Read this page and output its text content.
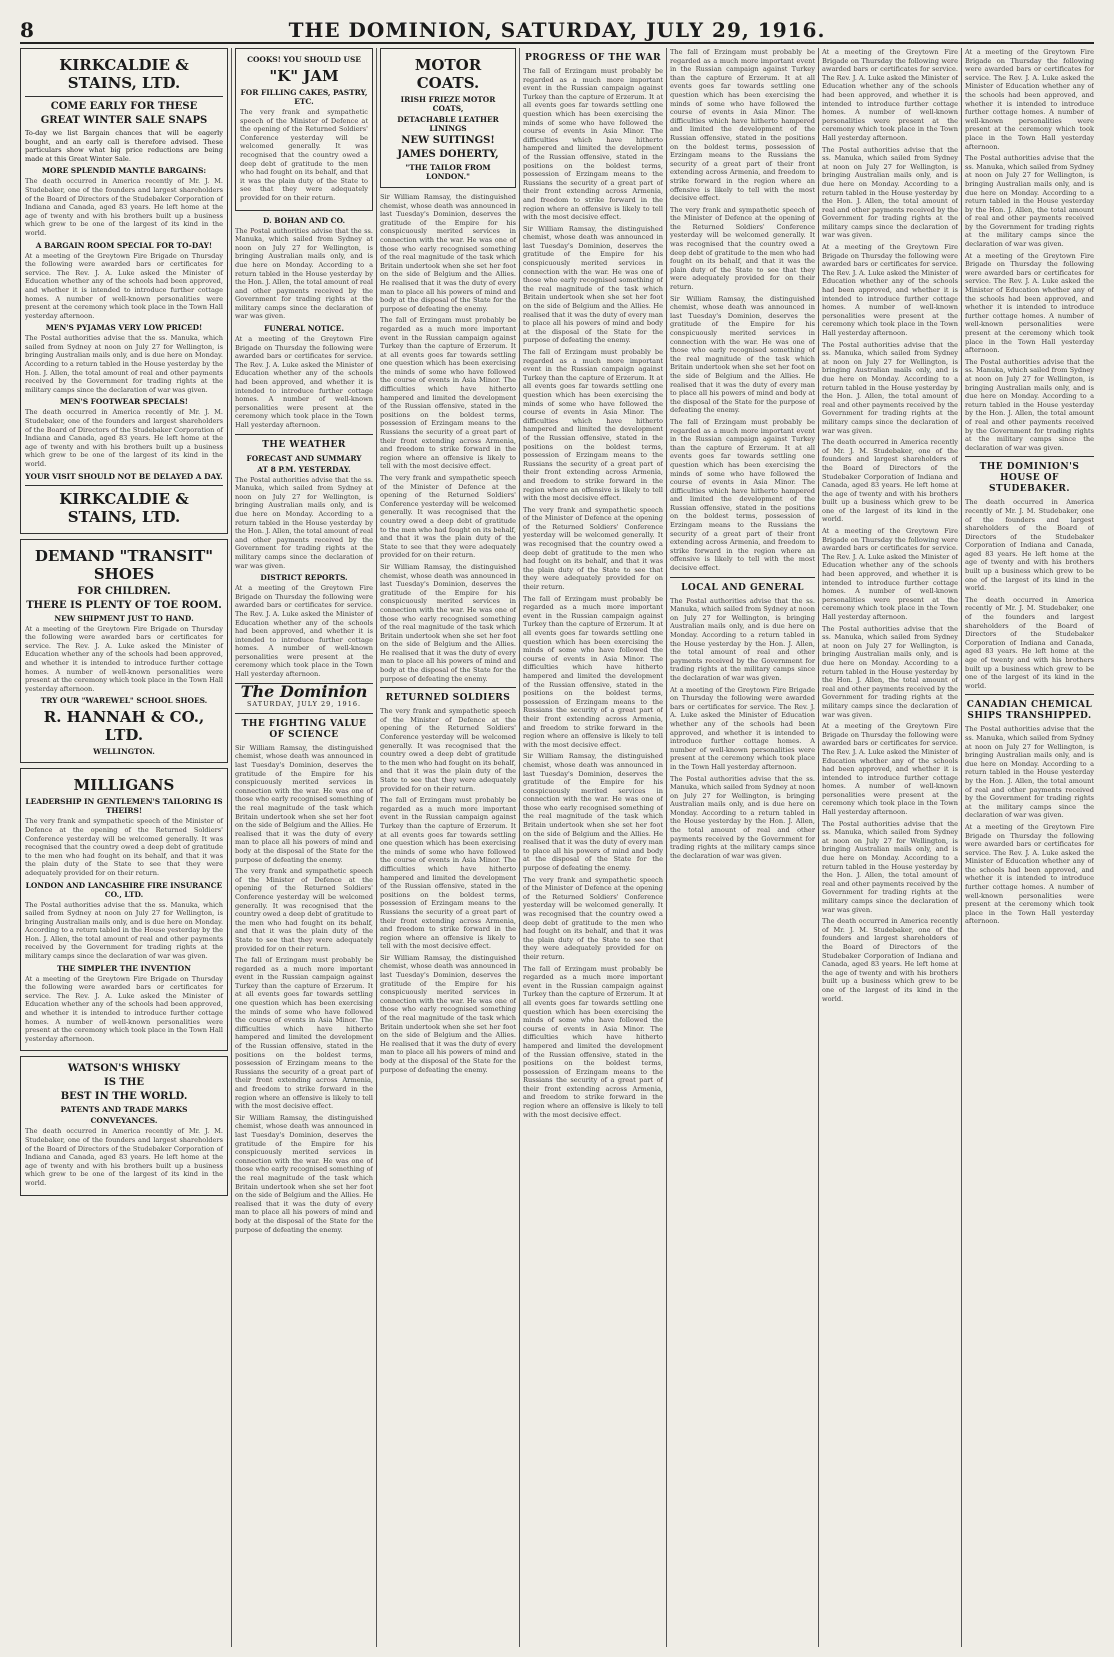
8	THE DOMINION, SATURDAY, JULY 29, 1916.
KIRKCALDIE & STAINS, LTD.
COME EARLY FOR THESE
GREAT WINTER SALE SNAPS

To-day we list Bargain chances that will be eagerly bought, and an early call is therefore advised. These particulars show what big price reductions are being made at this Great Winter Sale.

MORE SPLENDID MANTLE BARGAINS:

The death occurred in America recently of Mr. J. M. Studebaker, one of the founders and largest shareholders of the Board of Directors of the Studebaker Corporation of Indiana and Canada, aged 83 years. He left home at the age of twenty and with his brothers built up a business which grew to be one of the largest of its kind in the world.

A BARGAIN ROOM SPECIAL FOR TO-DAY!

At a meeting of the Greytown Fire Brigade on Thursday the following were awarded bars or certificates for service. The Rev. J. A. Luke asked the Minister of Education whether any of the schools had been approved, and whether it is intended to introduce further cottage homes. A number of well-known personalities were present at the ceremony which took place in the Town Hall yesterday afternoon.

MEN'S PYJAMAS VERY LOW PRICED!

The Postal authorities advise that the ss. Manuka, which sailed from Sydney at noon on July 27 for Wellington, is bringing Australian mails only, and is due here on Monday. According to a return tabled in the House yesterday by the Hon. J. Allen, the total amount of real and other payments received by the Government for trading rights at the military camps since the declaration of war was given.

MEN'S FOOTWEAR SPECIALS!

The death occurred in America recently of Mr. J. M. Studebaker, one of the founders and largest shareholders of the Board of Directors of the Studebaker Corporation of Indiana and Canada, aged 83 years. He left home at the age of twenty and with his brothers built up a business which grew to be one of the largest of its kind in the world.

YOUR VISIT SHOULD NOT BE DELAYED A DAY.
KIRKCALDIE & STAINS, LTD.
DEMAND "TRANSIT" SHOES
FOR CHILDREN.
THERE IS PLENTY OF TOE ROOM.
NEW SHIPMENT JUST TO HAND.

At a meeting of the Greytown Fire Brigade on Thursday the following were awarded bars or certificates for service. The Rev. J. A. Luke asked the Minister of Education whether any of the schools had been approved, and whether it is intended to introduce further cottage homes. A number of well-known personalities were present at the ceremony which took place in the Town Hall yesterday afternoon.

TRY OUR "WAREWEL" SCHOOL SHOES.
R. HANNAH & CO., LTD.
WELLINGTON.
MILLIGANS
LEADERSHIP IN GENTLEMEN'S TAILORING IS THEIRS!

The very frank and sympathetic speech of the Minister of Defence at the opening of the Returned Soldiers' Conference yesterday will be welcomed generally. It was recognised that the country owed a deep debt of gratitude to the men who had fought on its behalf, and that it was the plain duty of the State to see that they were adequately provided for on their return.

LONDON AND LANCASHIRE FIRE INSURANCE CO., LTD.

The Postal authorities advise that the ss. Manuka, which sailed from Sydney at noon on July 27 for Wellington, is bringing Australian mails only, and is due here on Monday. According to a return tabled in the House yesterday by the Hon. J. Allen, the total amount of real and other payments received by the Government for trading rights at the military camps since the declaration of war was given.

THE SIMPLER THE INVENTION

At a meeting of the Greytown Fire Brigade on Thursday the following were awarded bars or certificates for service. The Rev. J. A. Luke asked the Minister of Education whether any of the schools had been approved, and whether it is intended to introduce further cottage homes. A number of well-known personalities were present at the ceremony which took place in the Town Hall yesterday afternoon.

WATSON'S WHISKY
IS THE
BEST IN THE WORLD.
PATENTS AND TRADE MARKS
CONVEYANCES.

The death occurred in America recently of Mr. J. M. Studebaker, one of the founders and largest shareholders of the Board of Directors of the Studebaker Corporation of Indiana and Canada, aged 83 years. He left home at the age of twenty and with his brothers built up a business which grew to be one of the largest of its kind in the world.

COOKS! YOU SHOULD USE
"K" JAM
FOR FILLING CAKES, PASTRY, ETC.

The very frank and sympathetic speech of the Minister of Defence at the opening of the Returned Soldiers' Conference yesterday will be welcomed generally. It was recognised that the country owed a deep debt of gratitude to the men who had fought on its behalf, and that it was the plain duty of the State to see that they were adequately provided for on their return.

D. BOHAN AND CO.

The Postal authorities advise that the ss. Manuka, which sailed from Sydney at noon on July 27 for Wellington, is bringing Australian mails only, and is due here on Monday. According to a return tabled in the House yesterday by the Hon. J. Allen, the total amount of real and other payments received by the Government for trading rights at the military camps since the declaration of war was given.

FUNERAL NOTICE.

At a meeting of the Greytown Fire Brigade on Thursday the following were awarded bars or certificates for service. The Rev. J. A. Luke asked the Minister of Education whether any of the schools had been approved, and whether it is intended to introduce further cottage homes. A number of well-known personalities were present at the ceremony which took place in the Town Hall yesterday afternoon.

THE WEATHER
FORECAST AND SUMMARY
AT 8 P.M. YESTERDAY.

The Postal authorities advise that the ss. Manuka, which sailed from Sydney at noon on July 27 for Wellington, is bringing Australian mails only, and is due here on Monday. According to a return tabled in the House yesterday by the Hon. J. Allen, the total amount of real and other payments received by the Government for trading rights at the military camps since the declaration of war was given.

DISTRICT REPORTS.

At a meeting of the Greytown Fire Brigade on Thursday the following were awarded bars or certificates for service. The Rev. J. A. Luke asked the Minister of Education whether any of the schools had been approved, and whether it is intended to introduce further cottage homes. A number of well-known personalities were present at the ceremony which took place in the Town Hall yesterday afternoon.

The Dominion
SATURDAY, JULY 29, 1916.
THE FIGHTING VALUE OF SCIENCE

Sir William Ramsay, the distinguished chemist, whose death was announced in last Tuesday's Dominion, deserves the gratitude of the Empire for his conspicuously merited services in connection with the war. He was one of those who early recognised something of the real magnitude of the task which Britain undertook when she set her foot on the side of Belgium and the Allies. He realised that it was the duty of every man to place all his powers of mind and body at the disposal of the State for the purpose of defeating the enemy.

The very frank and sympathetic speech of the Minister of Defence at the opening of the Returned Soldiers' Conference yesterday will be welcomed generally. It was recognised that the country owed a deep debt of gratitude to the men who had fought on its behalf, and that it was the plain duty of the State to see that they were adequately provided for on their return.

The fall of Erzingam must probably be regarded as a much more important event in the Russian campaign against Turkey than the capture of Erzerum. It at all events goes far towards settling one question which has been exercising the minds of some who have followed the course of events in Asia Minor. The difficulties which have hitherto hampered and limited the development of the Russian offensive, stated in the positions on the boldest terms, possession of Erzingam means to the Russians the security of a great part of their front extending across Armenia, and freedom to strike forward in the region where an offensive is likely to tell with the most decisive effect.

Sir William Ramsay, the distinguished chemist, whose death was announced in last Tuesday's Dominion, deserves the gratitude of the Empire for his conspicuously merited services in connection with the war. He was one of those who early recognised something of the real magnitude of the task which Britain undertook when she set her foot on the side of Belgium and the Allies. He realised that it was the duty of every man to place all his powers of mind and body at the disposal of the State for the purpose of defeating the enemy.

MOTOR COATS.
IRISH FRIEZE MOTOR COATS,
DETACHABLE LEATHER LININGS
NEW SUITINGS!
JAMES DOHERTY,
"THE TAILOR FROM LONDON."

Sir William Ramsay, the distinguished chemist, whose death was announced in last Tuesday's Dominion, deserves the gratitude of the Empire for his conspicuously merited services in connection with the war. He was one of those who early recognised something of the real magnitude of the task which Britain undertook when she set her foot on the side of Belgium and the Allies. He realised that it was the duty of every man to place all his powers of mind and body at the disposal of the State for the purpose of defeating the enemy.

The fall of Erzingam must probably be regarded as a much more important event in the Russian campaign against Turkey than the capture of Erzerum. It at all events goes far towards settling one question which has been exercising the minds of some who have followed the course of events in Asia Minor. The difficulties which have hitherto hampered and limited the development of the Russian offensive, stated in the positions on the boldest terms, possession of Erzingam means to the Russians the security of a great part of their front extending across Armenia, and freedom to strike forward in the region where an offensive is likely to tell with the most decisive effect.

The very frank and sympathetic speech of the Minister of Defence at the opening of the Returned Soldiers' Conference yesterday will be welcomed generally. It was recognised that the country owed a deep debt of gratitude to the men who had fought on its behalf, and that it was the plain duty of the State to see that they were adequately provided for on their return.

Sir William Ramsay, the distinguished chemist, whose death was announced in last Tuesday's Dominion, deserves the gratitude of the Empire for his conspicuously merited services in connection with the war. He was one of those who early recognised something of the real magnitude of the task which Britain undertook when she set her foot on the side of Belgium and the Allies. He realised that it was the duty of every man to place all his powers of mind and body at the disposal of the State for the purpose of defeating the enemy.

RETURNED SOLDIERS

The very frank and sympathetic speech of the Minister of Defence at the opening of the Returned Soldiers' Conference yesterday will be welcomed generally. It was recognised that the country owed a deep debt of gratitude to the men who had fought on its behalf, and that it was the plain duty of the State to see that they were adequately provided for on their return.

The fall of Erzingam must probably be regarded as a much more important event in the Russian campaign against Turkey than the capture of Erzerum. It at all events goes far towards settling one question which has been exercising the minds of some who have followed the course of events in Asia Minor. The difficulties which have hitherto hampered and limited the development of the Russian offensive, stated in the positions on the boldest terms, possession of Erzingam means to the Russians the security of a great part of their front extending across Armenia, and freedom to strike forward in the region where an offensive is likely to tell with the most decisive effect.

Sir William Ramsay, the distinguished chemist, whose death was announced in last Tuesday's Dominion, deserves the gratitude of the Empire for his conspicuously merited services in connection with the war. He was one of those who early recognised something of the real magnitude of the task which Britain undertook when she set her foot on the side of Belgium and the Allies. He realised that it was the duty of every man to place all his powers of mind and body at the disposal of the State for the purpose of defeating the enemy.

PROGRESS OF THE WAR

The fall of Erzingam must probably be regarded as a much more important event in the Russian campaign against Turkey than the capture of Erzerum. It at all events goes far towards settling one question which has been exercising the minds of some who have followed the course of events in Asia Minor. The difficulties which have hitherto hampered and limited the development of the Russian offensive, stated in the positions on the boldest terms, possession of Erzingam means to the Russians the security of a great part of their front extending across Armenia, and freedom to strike forward in the region where an offensive is likely to tell with the most decisive effect.

Sir William Ramsay, the distinguished chemist, whose death was announced in last Tuesday's Dominion, deserves the gratitude of the Empire for his conspicuously merited services in connection with the war. He was one of those who early recognised something of the real magnitude of the task which Britain undertook when she set her foot on the side of Belgium and the Allies. He realised that it was the duty of every man to place all his powers of mind and body at the disposal of the State for the purpose of defeating the enemy.

The fall of Erzingam must probably be regarded as a much more important event in the Russian campaign against Turkey than the capture of Erzerum. It at all events goes far towards settling one question which has been exercising the minds of some who have followed the course of events in Asia Minor. The difficulties which have hitherto hampered and limited the development of the Russian offensive, stated in the positions on the boldest terms, possession of Erzingam means to the Russians the security of a great part of their front extending across Armenia, and freedom to strike forward in the region where an offensive is likely to tell with the most decisive effect.

The very frank and sympathetic speech of the Minister of Defence at the opening of the Returned Soldiers' Conference yesterday will be welcomed generally. It was recognised that the country owed a deep debt of gratitude to the men who had fought on its behalf, and that it was the plain duty of the State to see that they were adequately provided for on their return.

The fall of Erzingam must probably be regarded as a much more important event in the Russian campaign against Turkey than the capture of Erzerum. It at all events goes far towards settling one question which has been exercising the minds of some who have followed the course of events in Asia Minor. The difficulties which have hitherto hampered and limited the development of the Russian offensive, stated in the positions on the boldest terms, possession of Erzingam means to the Russians the security of a great part of their front extending across Armenia, and freedom to strike forward in the region where an offensive is likely to tell with the most decisive effect.

Sir William Ramsay, the distinguished chemist, whose death was announced in last Tuesday's Dominion, deserves the gratitude of the Empire for his conspicuously merited services in connection with the war. He was one of those who early recognised something of the real magnitude of the task which Britain undertook when she set her foot on the side of Belgium and the Allies. He realised that it was the duty of every man to place all his powers of mind and body at the disposal of the State for the purpose of defeating the enemy.

The very frank and sympathetic speech of the Minister of Defence at the opening of the Returned Soldiers' Conference yesterday will be welcomed generally. It was recognised that the country owed a deep debt of gratitude to the men who had fought on its behalf, and that it was the plain duty of the State to see that they were adequately provided for on their return.

The fall of Erzingam must probably be regarded as a much more important event in the Russian campaign against Turkey than the capture of Erzerum. It at all events goes far towards settling one question which has been exercising the minds of some who have followed the course of events in Asia Minor. The difficulties which have hitherto hampered and limited the development of the Russian offensive, stated in the positions on the boldest terms, possession of Erzingam means to the Russians the security of a great part of their front extending across Armenia, and freedom to strike forward in the region where an offensive is likely to tell with the most decisive effect.

The fall of Erzingam must probably be regarded as a much more important event in the Russian campaign against Turkey than the capture of Erzerum. It at all events goes far towards settling one question which has been exercising the minds of some who have followed the course of events in Asia Minor. The difficulties which have hitherto hampered and limited the development of the Russian offensive, stated in the positions on the boldest terms, possession of Erzingam means to the Russians the security of a great part of their front extending across Armenia, and freedom to strike forward in the region where an offensive is likely to tell with the most decisive effect.

The very frank and sympathetic speech of the Minister of Defence at the opening of the Returned Soldiers' Conference yesterday will be welcomed generally. It was recognised that the country owed a deep debt of gratitude to the men who had fought on its behalf, and that it was the plain duty of the State to see that they were adequately provided for on their return.

Sir William Ramsay, the distinguished chemist, whose death was announced in last Tuesday's Dominion, deserves the gratitude of the Empire for his conspicuously merited services in connection with the war. He was one of those who early recognised something of the real magnitude of the task which Britain undertook when she set her foot on the side of Belgium and the Allies. He realised that it was the duty of every man to place all his powers of mind and body at the disposal of the State for the purpose of defeating the enemy.

The fall of Erzingam must probably be regarded as a much more important event in the Russian campaign against Turkey than the capture of Erzerum. It at all events goes far towards settling one question which has been exercising the minds of some who have followed the course of events in Asia Minor. The difficulties which have hitherto hampered and limited the development of the Russian offensive, stated in the positions on the boldest terms, possession of Erzingam means to the Russians the security of a great part of their front extending across Armenia, and freedom to strike forward in the region where an offensive is likely to tell with the most decisive effect.

LOCAL AND GENERAL

The Postal authorities advise that the ss. Manuka, which sailed from Sydney at noon on July 27 for Wellington, is bringing Australian mails only, and is due here on Monday. According to a return tabled in the House yesterday by the Hon. J. Allen, the total amount of real and other payments received by the Government for trading rights at the military camps since the declaration of war was given.

At a meeting of the Greytown Fire Brigade on Thursday the following were awarded bars or certificates for service. The Rev. J. A. Luke asked the Minister of Education whether any of the schools had been approved, and whether it is intended to introduce further cottage homes. A number of well-known personalities were present at the ceremony which took place in the Town Hall yesterday afternoon.

The Postal authorities advise that the ss. Manuka, which sailed from Sydney at noon on July 27 for Wellington, is bringing Australian mails only, and is due here on Monday. According to a return tabled in the House yesterday by the Hon. J. Allen, the total amount of real and other payments received by the Government for trading rights at the military camps since the declaration of war was given.

At a meeting of the Greytown Fire Brigade on Thursday the following were awarded bars or certificates for service. The Rev. J. A. Luke asked the Minister of Education whether any of the schools had been approved, and whether it is intended to introduce further cottage homes. A number of well-known personalities were present at the ceremony which took place in the Town Hall yesterday afternoon.

The Postal authorities advise that the ss. Manuka, which sailed from Sydney at noon on July 27 for Wellington, is bringing Australian mails only, and is due here on Monday. According to a return tabled in the House yesterday by the Hon. J. Allen, the total amount of real and other payments received by the Government for trading rights at the military camps since the declaration of war was given.

At a meeting of the Greytown Fire Brigade on Thursday the following were awarded bars or certificates for service. The Rev. J. A. Luke asked the Minister of Education whether any of the schools had been approved, and whether it is intended to introduce further cottage homes. A number of well-known personalities were present at the ceremony which took place in the Town Hall yesterday afternoon.

The Postal authorities advise that the ss. Manuka, which sailed from Sydney at noon on July 27 for Wellington, is bringing Australian mails only, and is due here on Monday. According to a return tabled in the House yesterday by the Hon. J. Allen, the total amount of real and other payments received by the Government for trading rights at the military camps since the declaration of war was given.

The death occurred in America recently of Mr. J. M. Studebaker, one of the founders and largest shareholders of the Board of Directors of the Studebaker Corporation of Indiana and Canada, aged 83 years. He left home at the age of twenty and with his brothers built up a business which grew to be one of the largest of its kind in the world.

At a meeting of the Greytown Fire Brigade on Thursday the following were awarded bars or certificates for service. The Rev. J. A. Luke asked the Minister of Education whether any of the schools had been approved, and whether it is intended to introduce further cottage homes. A number of well-known personalities were present at the ceremony which took place in the Town Hall yesterday afternoon.

The Postal authorities advise that the ss. Manuka, which sailed from Sydney at noon on July 27 for Wellington, is bringing Australian mails only, and is due here on Monday. According to a return tabled in the House yesterday by the Hon. J. Allen, the total amount of real and other payments received by the Government for trading rights at the military camps since the declaration of war was given.

At a meeting of the Greytown Fire Brigade on Thursday the following were awarded bars or certificates for service. The Rev. J. A. Luke asked the Minister of Education whether any of the schools had been approved, and whether it is intended to introduce further cottage homes. A number of well-known personalities were present at the ceremony which took place in the Town Hall yesterday afternoon.

The Postal authorities advise that the ss. Manuka, which sailed from Sydney at noon on July 27 for Wellington, is bringing Australian mails only, and is due here on Monday. According to a return tabled in the House yesterday by the Hon. J. Allen, the total amount of real and other payments received by the Government for trading rights at the military camps since the declaration of war was given.

The death occurred in America recently of Mr. J. M. Studebaker, one of the founders and largest shareholders of the Board of Directors of the Studebaker Corporation of Indiana and Canada, aged 83 years. He left home at the age of twenty and with his brothers built up a business which grew to be one of the largest of its kind in the world.

At a meeting of the Greytown Fire Brigade on Thursday the following were awarded bars or certificates for service. The Rev. J. A. Luke asked the Minister of Education whether any of the schools had been approved, and whether it is intended to introduce further cottage homes. A number of well-known personalities were present at the ceremony which took place in the Town Hall yesterday afternoon.

The Postal authorities advise that the ss. Manuka, which sailed from Sydney at noon on July 27 for Wellington, is bringing Australian mails only, and is due here on Monday. According to a return tabled in the House yesterday by the Hon. J. Allen, the total amount of real and other payments received by the Government for trading rights at the military camps since the declaration of war was given.

At a meeting of the Greytown Fire Brigade on Thursday the following were awarded bars or certificates for service. The Rev. J. A. Luke asked the Minister of Education whether any of the schools had been approved, and whether it is intended to introduce further cottage homes. A number of well-known personalities were present at the ceremony which took place in the Town Hall yesterday afternoon.

The Postal authorities advise that the ss. Manuka, which sailed from Sydney at noon on July 27 for Wellington, is bringing Australian mails only, and is due here on Monday. According to a return tabled in the House yesterday by the Hon. J. Allen, the total amount of real and other payments received by the Government for trading rights at the military camps since the declaration of war was given.

THE DOMINION'S HOUSE OF STUDEBAKER.

The death occurred in America recently of Mr. J. M. Studebaker, one of the founders and largest shareholders of the Board of Directors of the Studebaker Corporation of Indiana and Canada, aged 83 years. He left home at the age of twenty and with his brothers built up a business which grew to be one of the largest of its kind in the world.

The death occurred in America recently of Mr. J. M. Studebaker, one of the founders and largest shareholders of the Board of Directors of the Studebaker Corporation of Indiana and Canada, aged 83 years. He left home at the age of twenty and with his brothers built up a business which grew to be one of the largest of its kind in the world.

CANADIAN CHEMICAL SHIPS TRANSHIPPED.

The Postal authorities advise that the ss. Manuka, which sailed from Sydney at noon on July 27 for Wellington, is bringing Australian mails only, and is due here on Monday. According to a return tabled in the House yesterday by the Hon. J. Allen, the total amount of real and other payments received by the Government for trading rights at the military camps since the declaration of war was given.

At a meeting of the Greytown Fire Brigade on Thursday the following were awarded bars or certificates for service. The Rev. J. A. Luke asked the Minister of Education whether any of the schools had been approved, and whether it is intended to introduce further cottage homes. A number of well-known personalities were present at the ceremony which took place in the Town Hall yesterday afternoon.
